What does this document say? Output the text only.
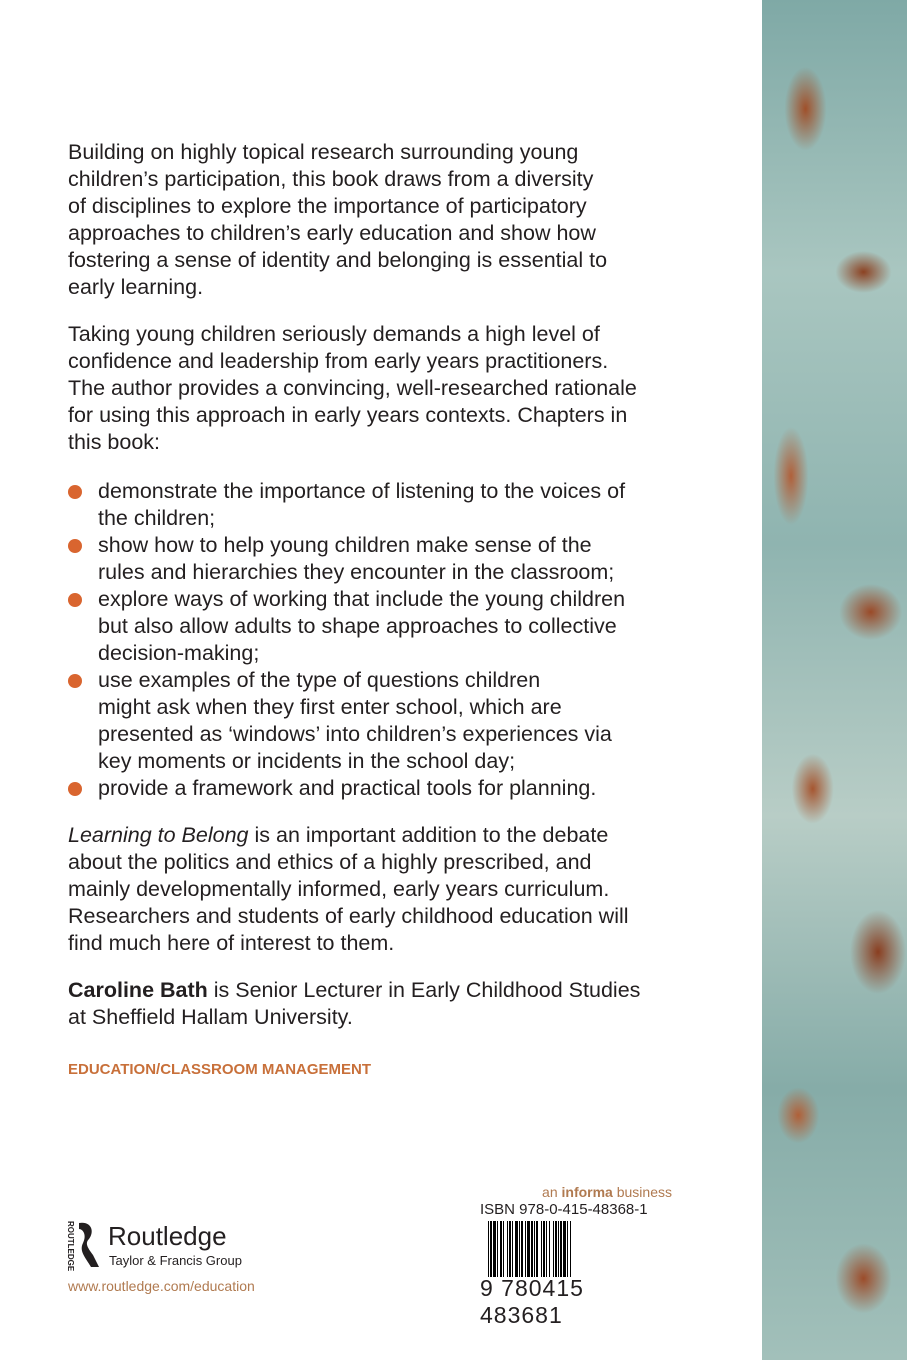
Building on highly topical research surrounding young
children’s participation, this book draws from a diversity
of disciplines to explore the importance of participatory
approaches to children’s early education and show how
fostering a sense of identity and belonging is essential to
early learning.
Taking young children seriously demands a high level of
confidence and leadership from early years practitioners.
The author provides a convincing, well-researched rationale
for using this approach in early years contexts. Chapters in
this book:
demonstrate the importance of listening to the voices of
the children;
show how to help young children make sense of the
rules and hierarchies they encounter in the classroom;
explore ways of working that include the young children
but also allow adults to shape approaches to collective
decision-making;
use examples of the type of questions children
might ask when they first enter school, which are
presented as ‘windows’ into children’s experiences via
key moments or incidents in the school day;
provide a framework and practical tools for planning.
Learning to Belong is an important addition to the debate
about the politics and ethics of a highly prescribed, and
mainly developmentally informed, early years curriculum.
Researchers and students of early childhood education will
find much here of interest to them.
Caroline Bath is Senior Lecturer in Early Childhood Studies
at Sheffield Hallam University.
EDUCATION/CLASSROOM MANAGEMENT
ROUTLEDGE Routledge
Taylor & Francis Group
www.routledge.com/education
an informa business
ISBN 978-0-415-48368-1
9 780415 483681
